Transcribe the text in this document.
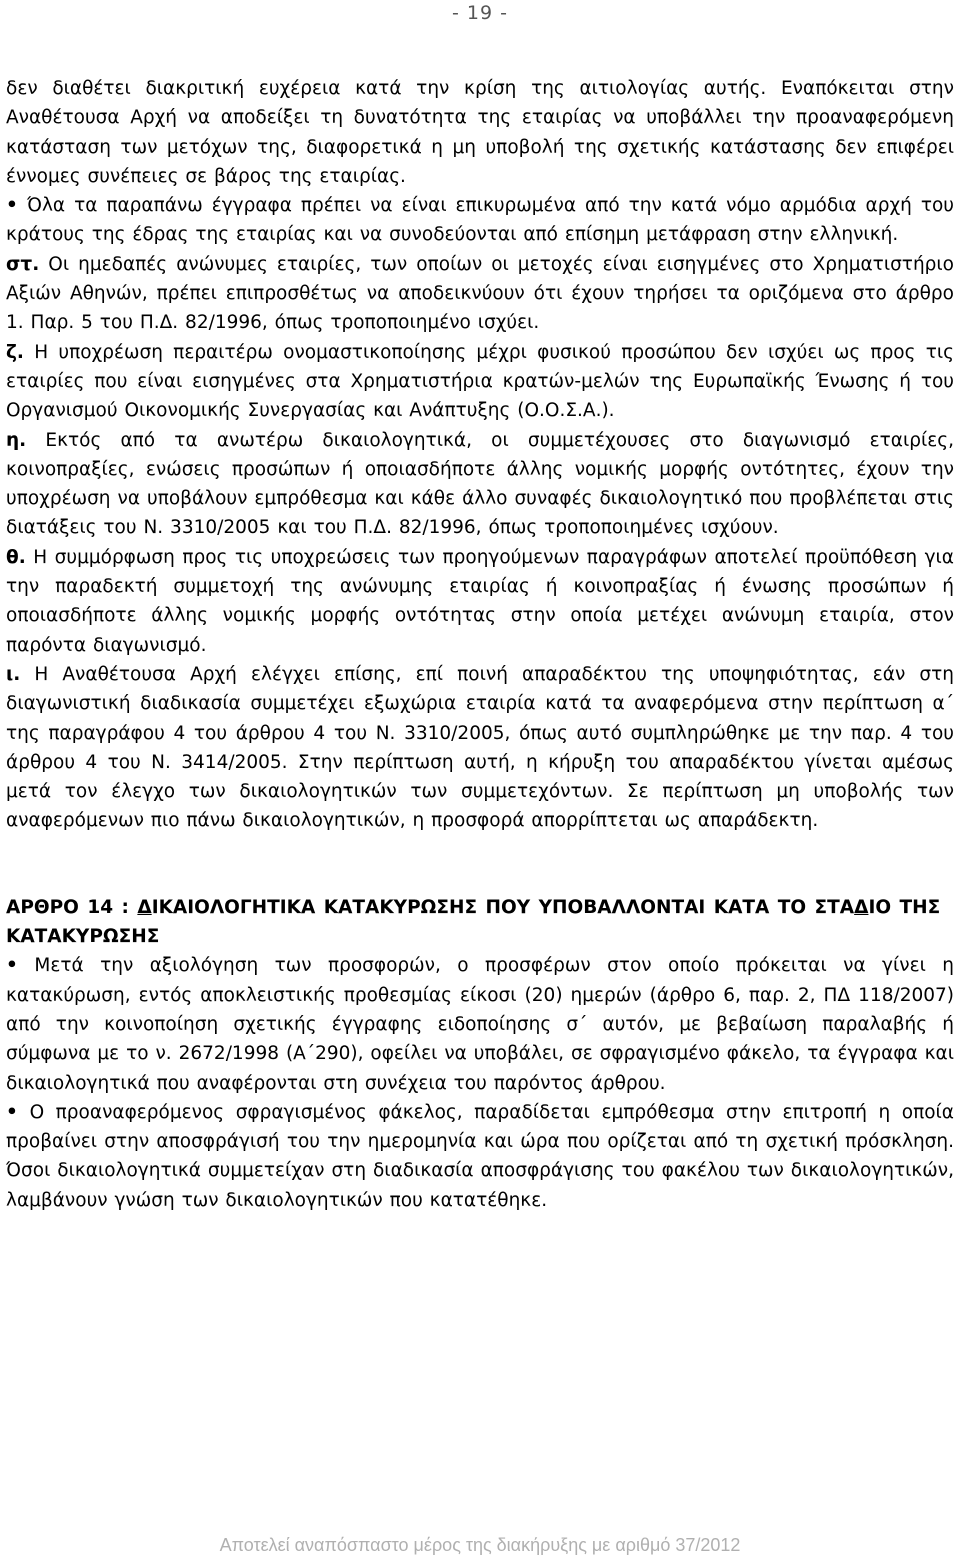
- 19 -

δεν διαθέτει διακριτική ευχέρεια κατά την κρίση της αιτιολογίας αυτής. Εναπόκειται στην Αναθέτουσα Αρχή να αποδείξει τη δυνατότητα της εταιρίας να υποβάλλει την προαναφερόμενη κατάσταση των μετόχων της, διαφορετικά η μη υποβολή της σχετικής κατάστασης δεν επιφέρει έννομες συνέπειες σε βάρος της εταιρίας.

• Όλα τα παραπάνω έγγραφα πρέπει να είναι επικυρωμένα από την κατά νόμο αρμόδια αρχή του κράτους της έδρας της εταιρίας και να συνοδεύονται από επίσημη μετάφραση στην ελληνική.

στ. Οι ημεδαπές ανώνυμες εταιρίες, των οποίων οι μετοχές είναι εισηγμένες στο Χρηματιστήριο Αξιών Αθηνών, πρέπει επιπροσθέτως να αποδεικνύουν ότι έχουν τηρήσει τα οριζόμενα στο άρθρο 1. Παρ. 5 του Π.Δ. 82/1996, όπως τροποποιημένο ισχύει.

ζ. Η υποχρέωση περαιτέρω ονομαστικοποίησης μέχρι φυσικού προσώπου δεν ισχύει ως προς τις εταιρίες που είναι εισηγμένες στα Χρηματιστήρια κρατών-μελών της Ευρωπαϊκής Ένωσης ή του Οργανισμού Οικονομικής Συνεργασίας και Ανάπτυξης (Ο.Ο.Σ.Α.).

η. Εκτός από τα ανωτέρω δικαιολογητικά, οι συμμετέχουσες στο διαγωνισμό εταιρίες, κοινοπραξίες, ενώσεις προσώπων ή οποιασδήποτε άλλης νομικής μορφής οντότητες, έχουν την υποχρέωση να υποβάλουν εμπρόθεσμα και κάθε άλλο συναφές δικαιολογητικό που προβλέπεται στις διατάξεις του Ν. 3310/2005 και του Π.Δ. 82/1996, όπως τροποποιημένες ισχύουν.

θ. Η συμμόρφωση προς τις υποχρεώσεις των προηγούμενων παραγράφων αποτελεί προϋπόθεση για την παραδεκτή συμμετοχή της ανώνυμης εταιρίας ή κοινοπραξίας ή ένωσης προσώπων ή οποιασδήποτε άλλης νομικής μορφής οντότητας στην οποία μετέχει ανώνυμη εταιρία, στον παρόντα διαγωνισμό.

ι. Η Αναθέτουσα Αρχή ελέγχει επίσης, επί ποινή απαραδέκτου της υποψηφιότητας, εάν στη διαγωνιστική διαδικασία συμμετέχει εξωχώρια εταιρία κατά τα αναφερόμενα στην περίπτωση α΄ της παραγράφου 4 του άρθρου 4 του Ν. 3310/2005, όπως αυτό συμπληρώθηκε με την παρ. 4 του άρθρου 4 του Ν. 3414/2005. Στην περίπτωση αυτή, η κήρυξη του απαραδέκτου γίνεται αμέσως μετά τον έλεγχο των δικαιολογητικών των συμμετεχόντων. Σε περίπτωση μη υποβολής των αναφερόμενων πιο πάνω δικαιολογητικών, η προσφορά απορρίπτεται ως απαράδεκτη.

ΑΡΘΡΟ 14 : ΔΙΚΑΙΟΛΟΓΗΤΙΚΑ ΚΑΤΑΚΥΡΩΣΗΣ ΠΟΥ ΥΠΟΒΑΛΛΟΝΤΑΙ ΚΑΤΑ ΤΟ ΣΤΑΔΙΟ ΤΗΣ ΚΑΤΑΚΥΡΩΣΗΣ

• Μετά την αξιολόγηση των προσφορών, ο προσφέρων στον οποίο πρόκειται να γίνει η κατακύρωση, εντός αποκλειστικής προθεσμίας είκοσι (20) ημερών (άρθρο 6, παρ. 2, ΠΔ 118/2007) από την κοινοποίηση σχετικής έγγραφης ειδοποίησης σ΄ αυτόν, με βεβαίωση παραλαβής ή σύμφωνα με το ν. 2672/1998 (Α΄290), οφείλει να υποβάλει, σε σφραγισμένο φάκελο, τα έγγραφα και δικαιολογητικά που αναφέρονται στη συνέχεια του παρόντος άρθρου.

• Ο προαναφερόμενος σφραγισμένος φάκελος, παραδίδεται εμπρόθεσμα στην επιτροπή η οποία προβαίνει στην αποσφράγισή του την ημερομηνία και ώρα που ορίζεται από τη σχετική πρόσκληση. Όσοι δικαιολογητικά συμμετείχαν στη διαδικασία αποσφράγισης του φακέλου των δικαιολογητικών, λαμβάνουν γνώση των δικαιολογητικών που κατατέθηκε.

Αποτελεί αναπόσπαστο μέρος της διακήρυξης με αριθμό 37/2012
